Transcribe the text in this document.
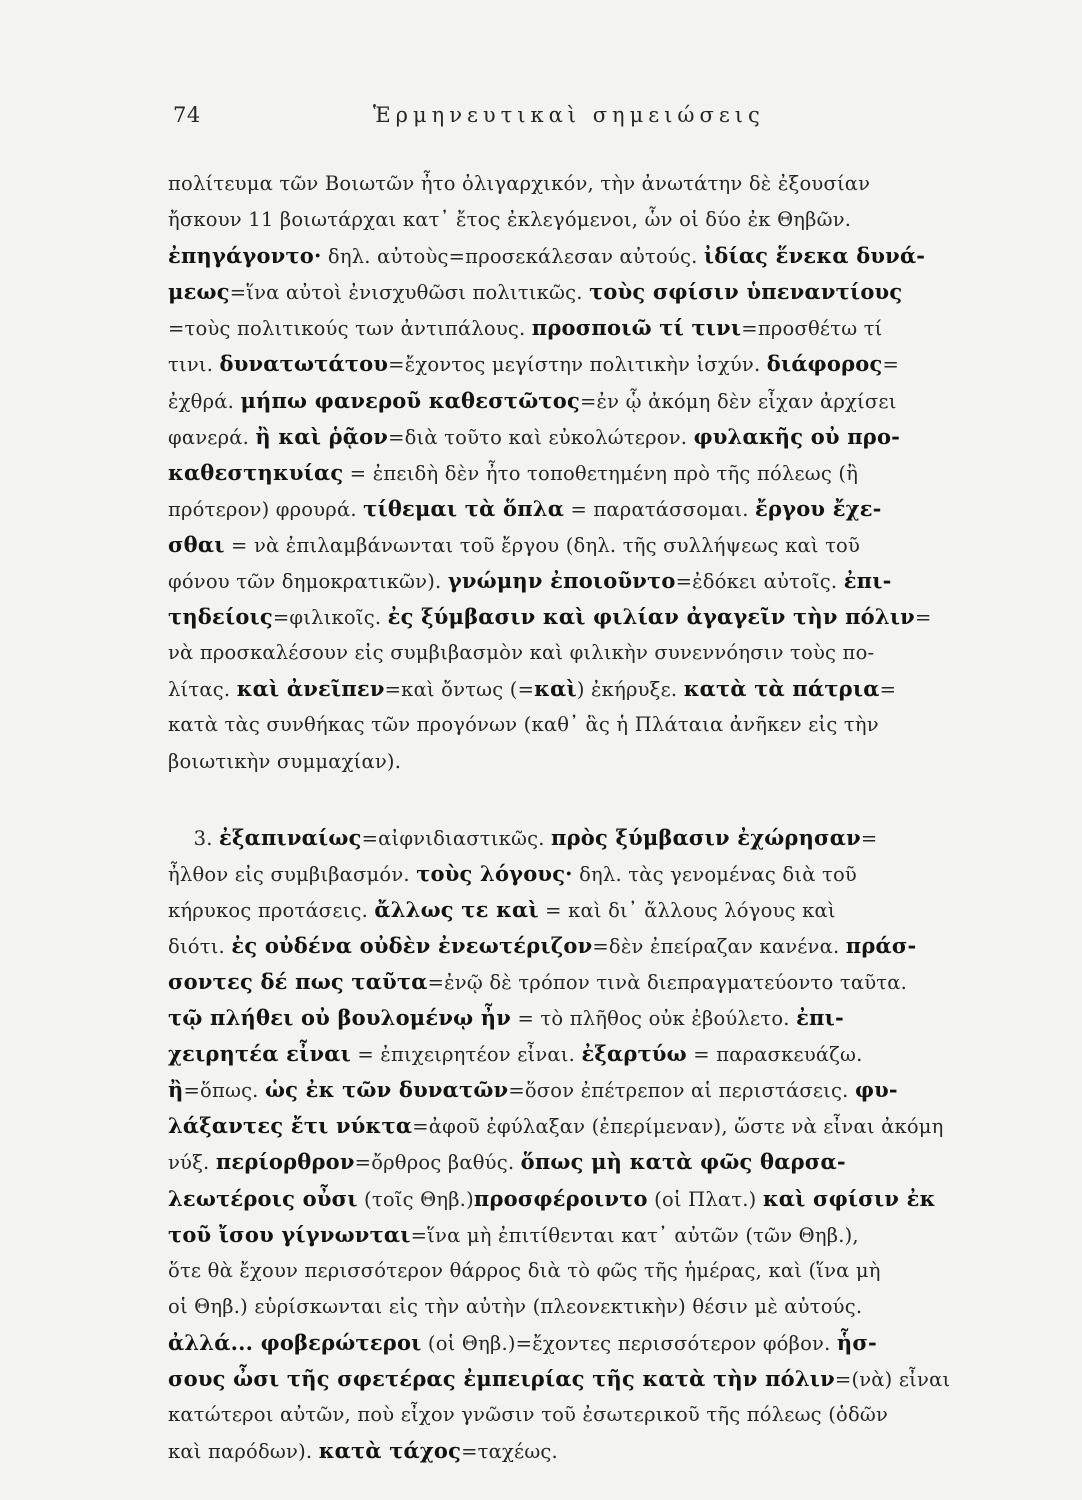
74	Ἑρμηνευτικαὶ σημειώσεις
πολίτευμα τῶν Βοιωτῶν ἦτο ὀλιγαρχικόν, τὴν ἀνωτάτην δὲ ἐξουσίαν
ἤσκουν 11 βοιωτάρχαι κατ᾽ ἔτος ἐκλεγόμενοι, ὧν οἱ δύο ἐκ Θηβῶν.
ἐπηγάγοντο· δηλ. αὐτοὺς=προσεκάλεσαν αὐτούς. ἰδίας ἕνεκα δυνά-
μεως=ἵνα αὐτοὶ ἐνισχυθῶσι πολιτικῶς. τοὺς σφίσιν ὑπεναντίους
=τοὺς πολιτικούς των ἀντιπάλους. προσποιῶ τί τινι=προσθέτω τί
τινι. δυνατωτάτου=ἔχοντος μεγίστην πολιτικὴν ἰσχύν. διάφορος=
ἐχθρά. μήπω φανεροῦ καθεστῶτος=ἐν ᾧ ἀκόμη δὲν εἶχαν ἀρχίσει
φανερά. ἢ καὶ ῥᾷον=διὰ τοῦτο καὶ εὐκολώτερον. φυλακῆς οὐ προ-
καθεστηκυίας = ἐπειδὴ δὲν ἦτο τοποθετημένη πρὸ τῆς πόλεως (ἢ
πρότερον) φρουρά. τίθεμαι τὰ ὅπλα = παρατάσσομαι. ἔργου ἔχε-
σθαι = νὰ ἐπιλαμβάνωνται τοῦ ἔργου (δηλ. τῆς συλλήψεως καὶ τοῦ
φόνου τῶν δημοκρατικῶν). γνώμην ἐποιοῦντο=ἐδόκει αὐτοῖς. ἐπι-
τηδείοις=φιλικοῖς. ἐς ξύμβασιν καὶ φιλίαν ἀγαγεῖν τὴν πόλιν=
νὰ προσκαλέσουν εἰς συμβιβασμὸν καὶ φιλικὴν συνεννόησιν τοὺς πο-
λίτας. καὶ ἀνεῖπεν=καὶ ὄντως (=καὶ) ἐκήρυξε. κατὰ τὰ πάτρια=
κατὰ τὰς συνθήκας τῶν προγόνων (καθ᾽ ἃς ἡ Πλάταια ἀνῆκεν εἰς τὴν
βοιωτικὴν συμμαχίαν).
3. ἐξαπιναίως=αἰφνιδιαστικῶς. πρὸς ξύμβασιν ἐχώρησαν=
ἦλθον εἰς συμβιβασμόν. τοὺς λόγους· δηλ. τὰς γενομένας διὰ τοῦ
κήρυκος προτάσεις. ἄλλως τε καὶ = καὶ δι᾽ ἄλλους λόγους καὶ
διότι. ἐς οὐδένα οὐδὲν ἐνεωτέριζον=δὲν ἐπείραζαν κανένα. πράσ-
σοντες δέ πως ταῦτα=ἐνῷ δὲ τρόπον τινὰ διεπραγματεύοντο ταῦτα.
τῷ πλήθει οὐ βουλομένῳ ἦν = τὸ πλῆθος οὐκ ἐβούλετο. ἐπι-
χειρητέα εἶναι = ἐπιχειρητέον εἶναι. ἐξαρτύω = παρασκευάζω.
ἢ=ὅπως. ὡς ἐκ τῶν δυνατῶν=ὅσον ἐπέτρεπον αἱ περιστάσεις. φυ-
λάξαντες ἔτι νύκτα=ἀφοῦ ἐφύλαξαν (ἐπερίμεναν), ὥστε νὰ εἶναι ἀκόμη
νύξ. περίορθρον=ὄρθρος βαθύς. ὅπως μὴ κατὰ φῶς θαρσα-
λεωτέροις οὖσι (τοῖς Θηβ.)προσφέροιντο (οἱ Πλατ.) καὶ σφίσιν ἐκ
τοῦ ἴσου γίγνωνται=ἵνα μὴ ἐπιτίθενται κατ᾽ αὐτῶν (τῶν Θηβ.),
ὅτε θὰ ἔχουν περισσότερον θάρρος διὰ τὸ φῶς τῆς ἡμέρας, καὶ (ἵνα μὴ
οἱ Θηβ.) εὑρίσκωνται εἰς τὴν αὐτὴν (πλεονεκτικὴν) θέσιν μὲ αὐτούς.
ἀλλά... φοβερώτεροι (οἱ Θηβ.)=ἔχοντες περισσότερον φόβον. ἧσ-
σους ὦσι τῆς σφετέρας ἐμπειρίας τῆς κατὰ τὴν πόλιν=(νὰ) εἶναι
κατώτεροι αὐτῶν, ποὺ εἶχον γνῶσιν τοῦ ἐσωτερικοῦ τῆς πόλεως (ὁδῶν
καὶ παρόδων). κατὰ τάχος=ταχέως.
